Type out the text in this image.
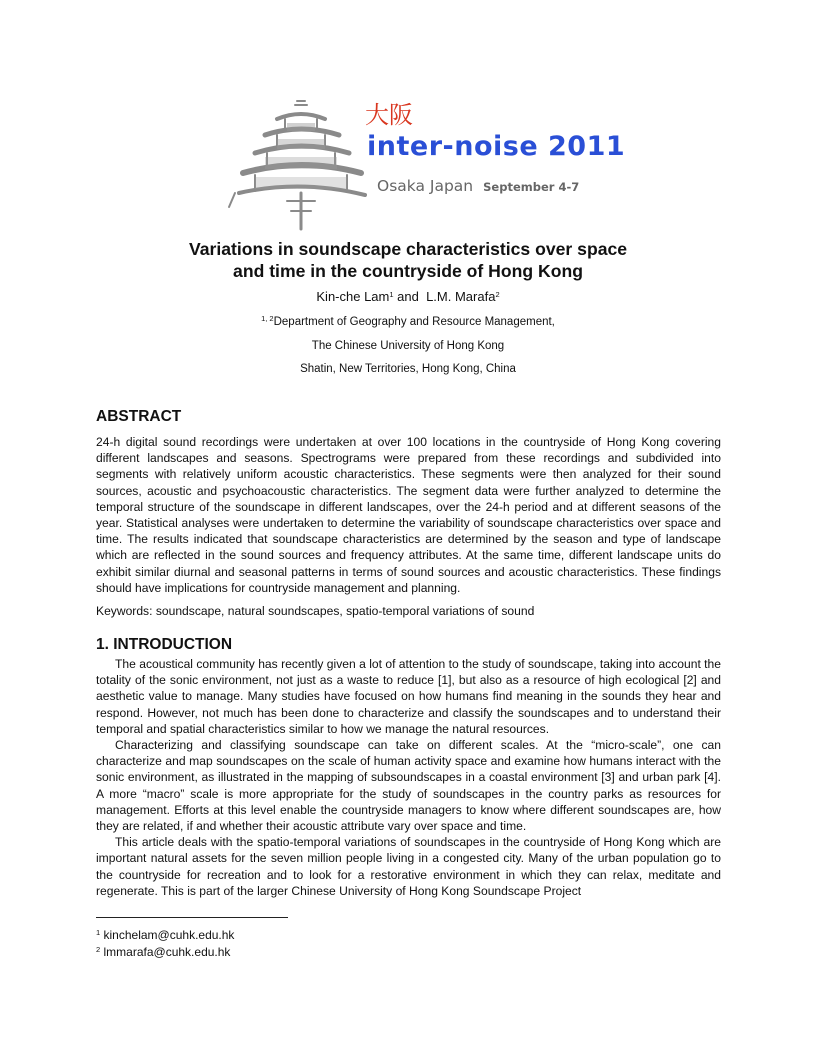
大阪
inter-noise 2011
Osaka Japan September 4-7
Variations in soundscape characteristics over space
and time in the countryside of Hong Kong
Kin-che Lam$^1$ and  L.M. Marafa$^2$
$^{1, 2}$Department of Geography and Resource Management,
The Chinese University of Hong Kong
Shatin, New Territories, Hong Kong, China
ABSTRACT

24-h digital sound recordings were undertaken at over 100 locations in the countryside of Hong Kong covering different landscapes and seasons. Spectrograms were prepared from these recordings and subdivided into segments with relatively uniform acoustic characteristics. These segments were then analyzed for their sound sources, acoustic and psychoacoustic characteristics. The segment data were further analyzed to determine the temporal structure of the soundscape in different landscapes, over the 24-h period and at different seasons of the year. Statistical analyses were undertaken to determine the variability of soundscape characteristics over space and time. The results indicated that soundscape characteristics are determined by the season and type of landscape which are reflected in the sound sources and frequency attributes. At the same time, different landscape units do exhibit similar diurnal and seasonal patterns in terms of sound sources and acoustic characteristics. These findings should have implications for countryside management and planning.

Keywords: soundscape, natural soundscapes, spatio-temporal variations of sound

1. INTRODUCTION

The acoustical community has recently given a lot of attention to the study of soundscape, taking into account the totality of the sonic environment, not just as a waste to reduce [1], but also as a resource of high ecological [2] and aesthetic value to manage. Many studies have focused on how humans find meaning in the sounds they hear and respond. However, not much has been done to characterize and classify the soundscapes and to understand their temporal and spatial characteristics similar to how we manage the natural resources.

Characterizing and classifying soundscape can take on different scales. At the “micro-scale”, one can characterize and map soundscapes on the scale of human activity space and examine how humans interact with the sonic environment, as illustrated in the mapping of subsoundscapes in a coastal environment [3] and urban park [4]. A more “macro” scale is more appropriate for the study of soundscapes in the country parks as resources for management. Efforts at this level enable the countryside managers to know where different soundscapes are, how they are related, if and whether their acoustic attribute vary over space and time.

This article deals with the spatio-temporal variations of soundscapes in the countryside of Hong Kong which are important natural assets for the seven million people living in a congested city. Many of the urban population go to the countryside for recreation and to look for a restorative environment in which they can relax, meditate and regenerate. This is part of the larger Chinese University of Hong Kong Soundscape Project

$^1$ kinchelam@cuhk.edu.hk
$^2$ lmmarafa@cuhk.edu.hk
